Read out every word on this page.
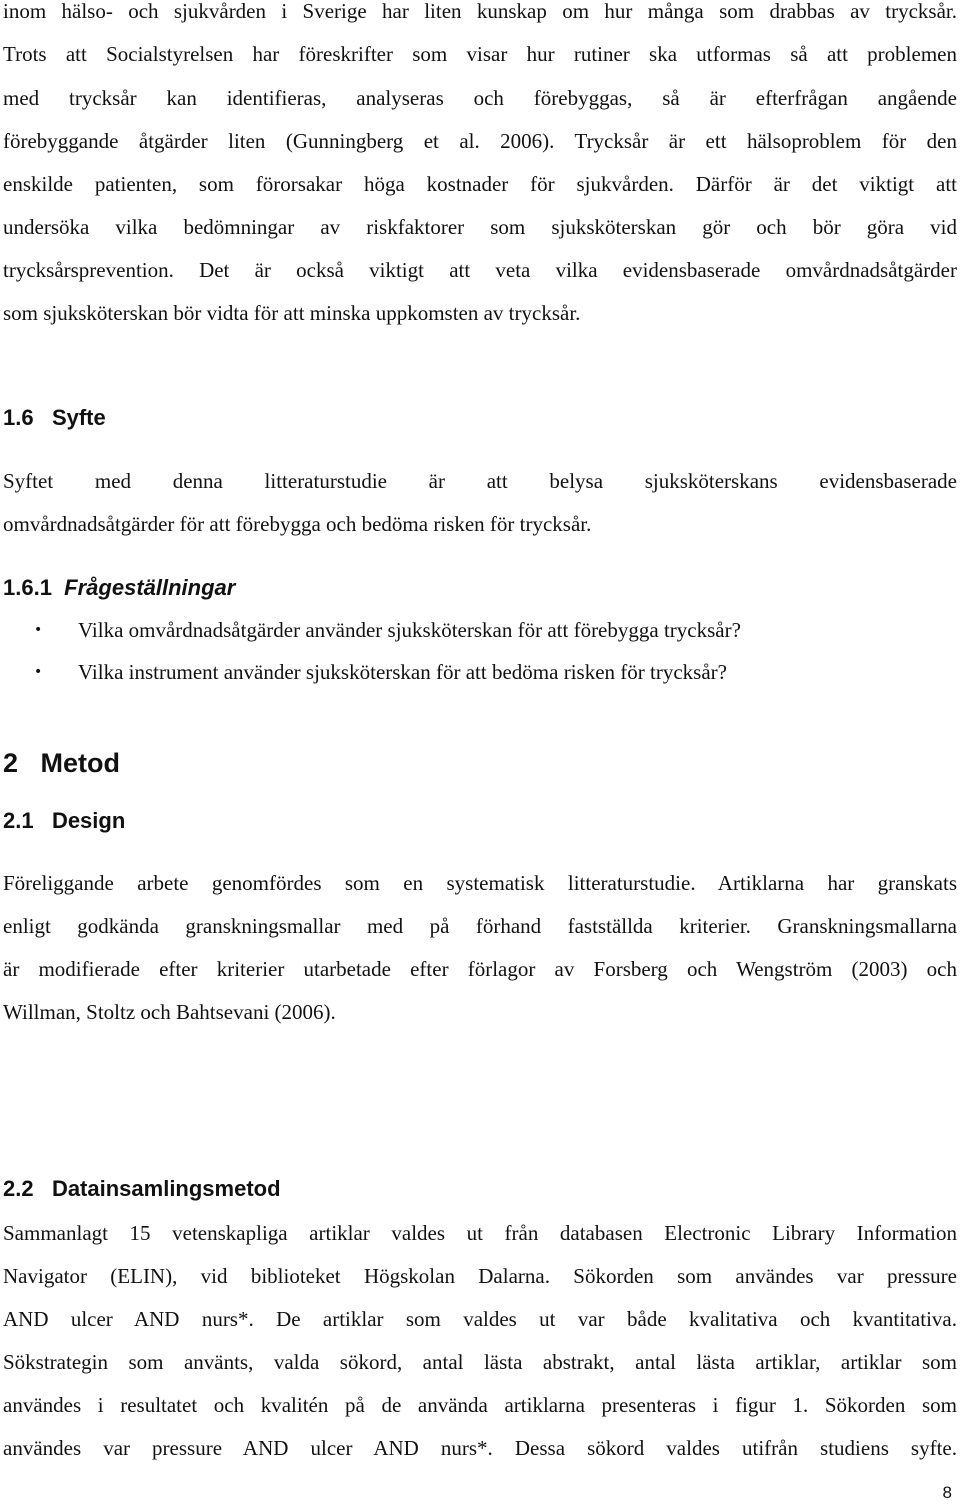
inom hälso- och sjukvården i Sverige har liten kunskap om hur många som drabbas av trycksår.

Trots att Socialstyrelsen har föreskrifter som visar hur rutiner ska utformas så att problemen

med trycksår kan identifieras, analyseras och förebyggas, så är efterfrågan angående

förebyggande åtgärder liten (Gunningberg et al. 2006). Trycksår är ett hälsoproblem för den

enskilde patienten, som förorsakar höga kostnader för sjukvården. Därför är det viktigt att

undersöka vilka bedömningar av riskfaktorer som sjuksköterskan gör och bör göra vid

trycksårsprevention. Det är också viktigt att veta vilka evidensbaserade omvårdnadsåtgärder

som sjuksköterskan bör vidta för att minska uppkomsten av trycksår.

1.6 Syfte

Syftet med denna litteraturstudie är att belysa sjuksköterskans evidensbaserade

omvårdnadsåtgärder för att förebygga och bedöma risken för trycksår.

1.6.1 Frågeställningar
• Vilka omvårdnadsåtgärder använder sjuksköterskan för att förebygga trycksår?

• Vilka instrument använder sjuksköterskan för att bedöma risken för trycksår?

2 Metod
2.1 Design

Föreliggande arbete genomfördes som en systematisk litteraturstudie. Artiklarna har granskats

enligt godkända granskningsmallar med på förhand fastställda kriterier. Granskningsmallarna

är modifierade efter kriterier utarbetade efter förlagor av Forsberg och Wengström (2003) och

Willman, Stoltz och Bahtsevani (2006).

2.2 Datainsamlingsmetod

Sammanlagt 15 vetenskapliga artiklar valdes ut från databasen Electronic Library Information

Navigator (ELIN), vid biblioteket Högskolan Dalarna. Sökorden som användes var pressure

AND ulcer AND nurs*. De artiklar som valdes ut var både kvalitativa och kvantitativa.

Sökstrategin som använts, valda sökord, antal lästa abstrakt, antal lästa artiklar, artiklar som

användes i resultatet och kvalitén på de använda artiklarna presenteras i figur 1. Sökorden som

användes var pressure AND ulcer AND nurs*. Dessa sökord valdes utifrån studiens syfte.

8
